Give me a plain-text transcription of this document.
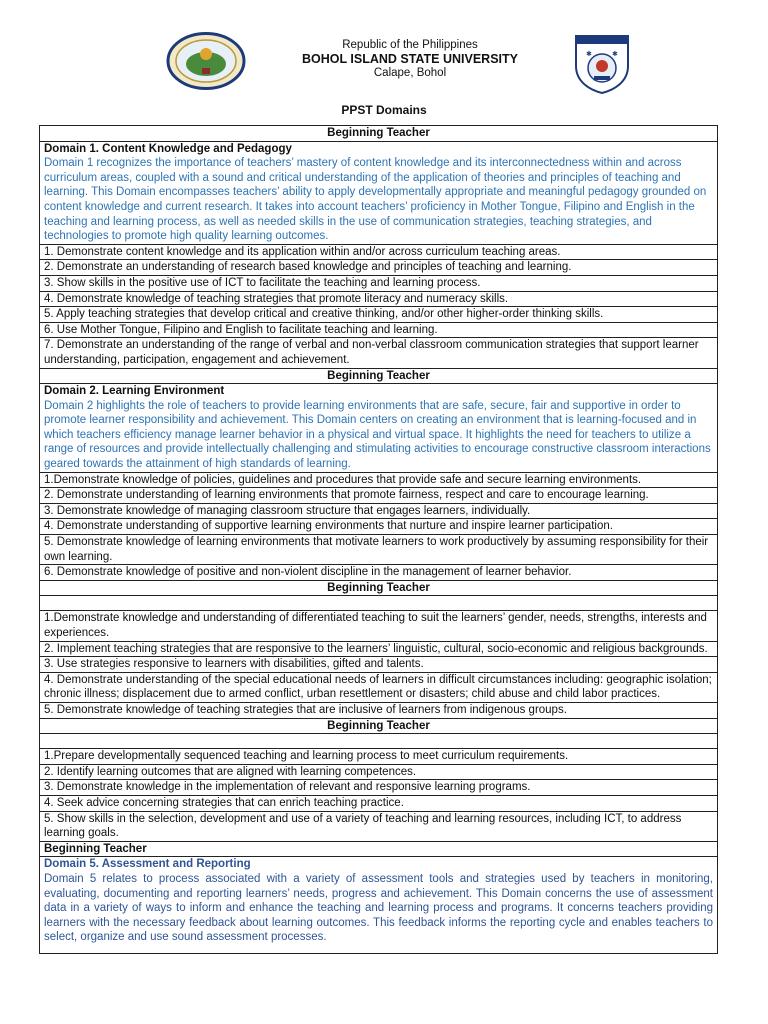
Republic of the Philippines
BOHOL ISLAND STATE UNIVERSITY
Calape, Bohol
✱	✱
PPST Domains
Beginning Teacher

Domain 1. Content Knowledge and Pedagogy
Domain 1 recognizes the importance of teachers’ mastery of content knowledge and its interconnectedness within and across curriculum areas, coupled with a sound and critical understanding of the application of theories and principles of teaching and learning. This Domain encompasses teachers’ ability to apply developmentally appropriate and meaningful pedagogy grounded on content knowledge and current research. It takes into account teachers’ proficiency in Mother Tongue, Filipino and English in the teaching and learning process, as well as needed skills in the use of communication strategies, teaching strategies, and technologies to promote high quality learning outcomes.

1. Demonstrate content knowledge and its application within and/or across curriculum teaching areas.
2. Demonstrate an understanding of research based knowledge and principles of teaching and learning.
3. Show skills in the positive use of ICT to facilitate the teaching and learning process.
4. Demonstrate knowledge of teaching strategies that promote literacy and numeracy skills.
5. Apply teaching strategies that develop critical and creative thinking, and/or other higher-order thinking skills.
6. Use Mother Tongue, Filipino and English to facilitate teaching and learning.
7. Demonstrate an understanding of the range of verbal and non-verbal classroom communication strategies that support learner understanding, participation, engagement and achievement.
Beginning Teacher

Domain 2. Learning Environment
Domain 2 highlights the role of teachers to provide learning environments that are safe, secure, fair and supportive in order to promote learner responsibility and achievement. This Domain centers on creating an environment that is learning-focused and in which teachers efficiency manage learner behavior in a physical and virtual space. It highlights the need for teachers to utilize a range of resources and provide intellectually challenging and stimulating activities to encourage constructive classroom interactions geared towards the attainment of high standards of learning.

1.Demonstrate knowledge of policies, guidelines and procedures that provide safe and secure learning environments.
2. Demonstrate understanding of learning environments that promote fairness, respect and care to encourage learning.
3. Demonstrate knowledge of managing classroom structure that engages learners, individually.
4. Demonstrate understanding of supportive learning environments that nurture and inspire learner participation.
5. Demonstrate knowledge of learning environments that motivate learners to work productively by assuming responsibility for their own learning.
6. Demonstrate knowledge of positive and non-violent discipline in the management of learner behavior.
Beginning Teacher

1.Demonstrate knowledge and understanding of differentiated teaching to suit the learners’ gender, needs, strengths, interests and experiences.
2. Implement teaching strategies that are responsive to the learners’ linguistic, cultural, socio-economic and religious backgrounds.
3. Use strategies responsive to learners with disabilities, gifted and talents.
4. Demonstrate understanding of the special educational needs of learners in difficult circumstances including: geographic isolation; chronic illness; displacement due to armed conflict, urban resettlement or disasters; child abuse and child labor practices.
5. Demonstrate knowledge of teaching strategies that are inclusive of learners from indigenous groups.
Beginning Teacher

1.Prepare developmentally sequenced teaching and learning process to meet curriculum requirements.
2. Identify learning outcomes that are aligned with learning competences.
3. Demonstrate knowledge in the implementation of relevant and responsive learning programs.
4. Seek advice concerning strategies that can enrich teaching practice.
5. Show skills in the selection, development and use of a variety of teaching and learning resources, including ICT, to address learning goals.
Beginning Teacher

Domain 5. Assessment and Reporting
Domain 5 relates to process associated with a variety of assessment tools and strategies used by teachers in monitoring, evaluating, documenting and reporting learners’ needs, progress and achievement. This Domain concerns the use of assessment data in a variety of ways to inform and enhance the teaching and learning process and programs. It concerns teachers providing learners with the necessary feedback about learning outcomes. This feedback informs the reporting cycle and enables teachers to select, organize and use sound assessment processes.
